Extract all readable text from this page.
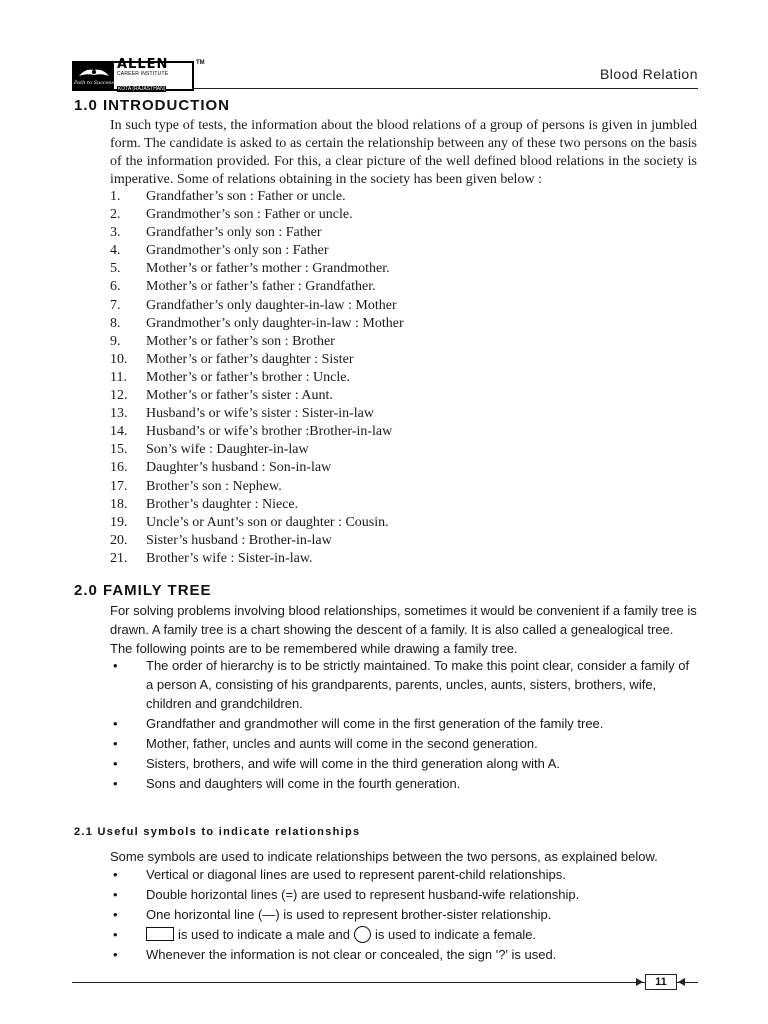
Path to Success
ALLEN
CAREER INSTITUTE
KOTA (RAJASTHAN)
TM
Blood Relation
1.0 INTRODUCTION
In such type of tests, the information about the blood relations of a group of persons is given in jumbled form. The candidate is asked to as certain the relationship between any of these two persons on the basis of the information provided. For this, a clear picture of the well defined blood relations in the society is imperative. Some of relations obtaining in the society has been given below :
1. Grandfather’s son : Father or uncle.
2. Grandmother’s son : Father or uncle.
3. Grandfather’s only son : Father
4. Grandmother’s only son : Father
5. Mother’s or father’s mother : Grandmother.
6. Mother’s or father’s father : Grandfather.
7. Grandfather’s only daughter-in-law : Mother
8. Grandmother’s only daughter-in-law : Mother
9. Mother’s or father’s son : Brother
10. Mother’s or father’s daughter : Sister
11. Mother’s or father’s brother : Uncle.
12. Mother’s or father’s sister : Aunt.
13. Husband’s or wife’s sister : Sister-in-law
14. Husband’s or wife’s brother :Brother-in-law
15. Son’s wife : Daughter-in-law
16. Daughter’s husband : Son-in-law
17. Brother’s son : Nephew.
18. Brother’s daughter : Niece.
19. Uncle’s or Aunt’s son or daughter : Cousin.
20. Sister’s husband : Brother-in-law
21. Brother’s wife : Sister-in-law.
2.0 FAMILY TREE
For solving problems involving blood relationships, sometimes it would be convenient if a family tree is drawn. A family tree is a chart showing the descent of a family. It is also called a genealogical tree. The following points are to be remembered while drawing a family tree.
• The order of hierarchy is to be strictly maintained. To make this point clear, consider a family of a person A, consisting of his grandparents, parents, uncles, aunts, sisters, brothers, wife, children and grandchildren.
• Grandfather and grandmother will come in the first generation of the family tree.
• Mother, father, uncles and aunts will come in the second generation.
• Sisters, brothers, and wife will come in the third generation along with A.
• Sons and daughters will come in the fourth generation.
2.1 Useful symbols to indicate relationships
Some symbols are used to indicate relationships between the two persons, as explained below.
• Vertical or diagonal lines are used to represent parent-child relationships.
• Double horizontal lines (=) are used to represent husband-wife relationship.
• One horizontal line (—) is used to represent brother-sister relationship.
•	is used to indicate a male and is used to indicate a female.
• Whenever the information is not clear or concealed, the sign '?' is used.
11
